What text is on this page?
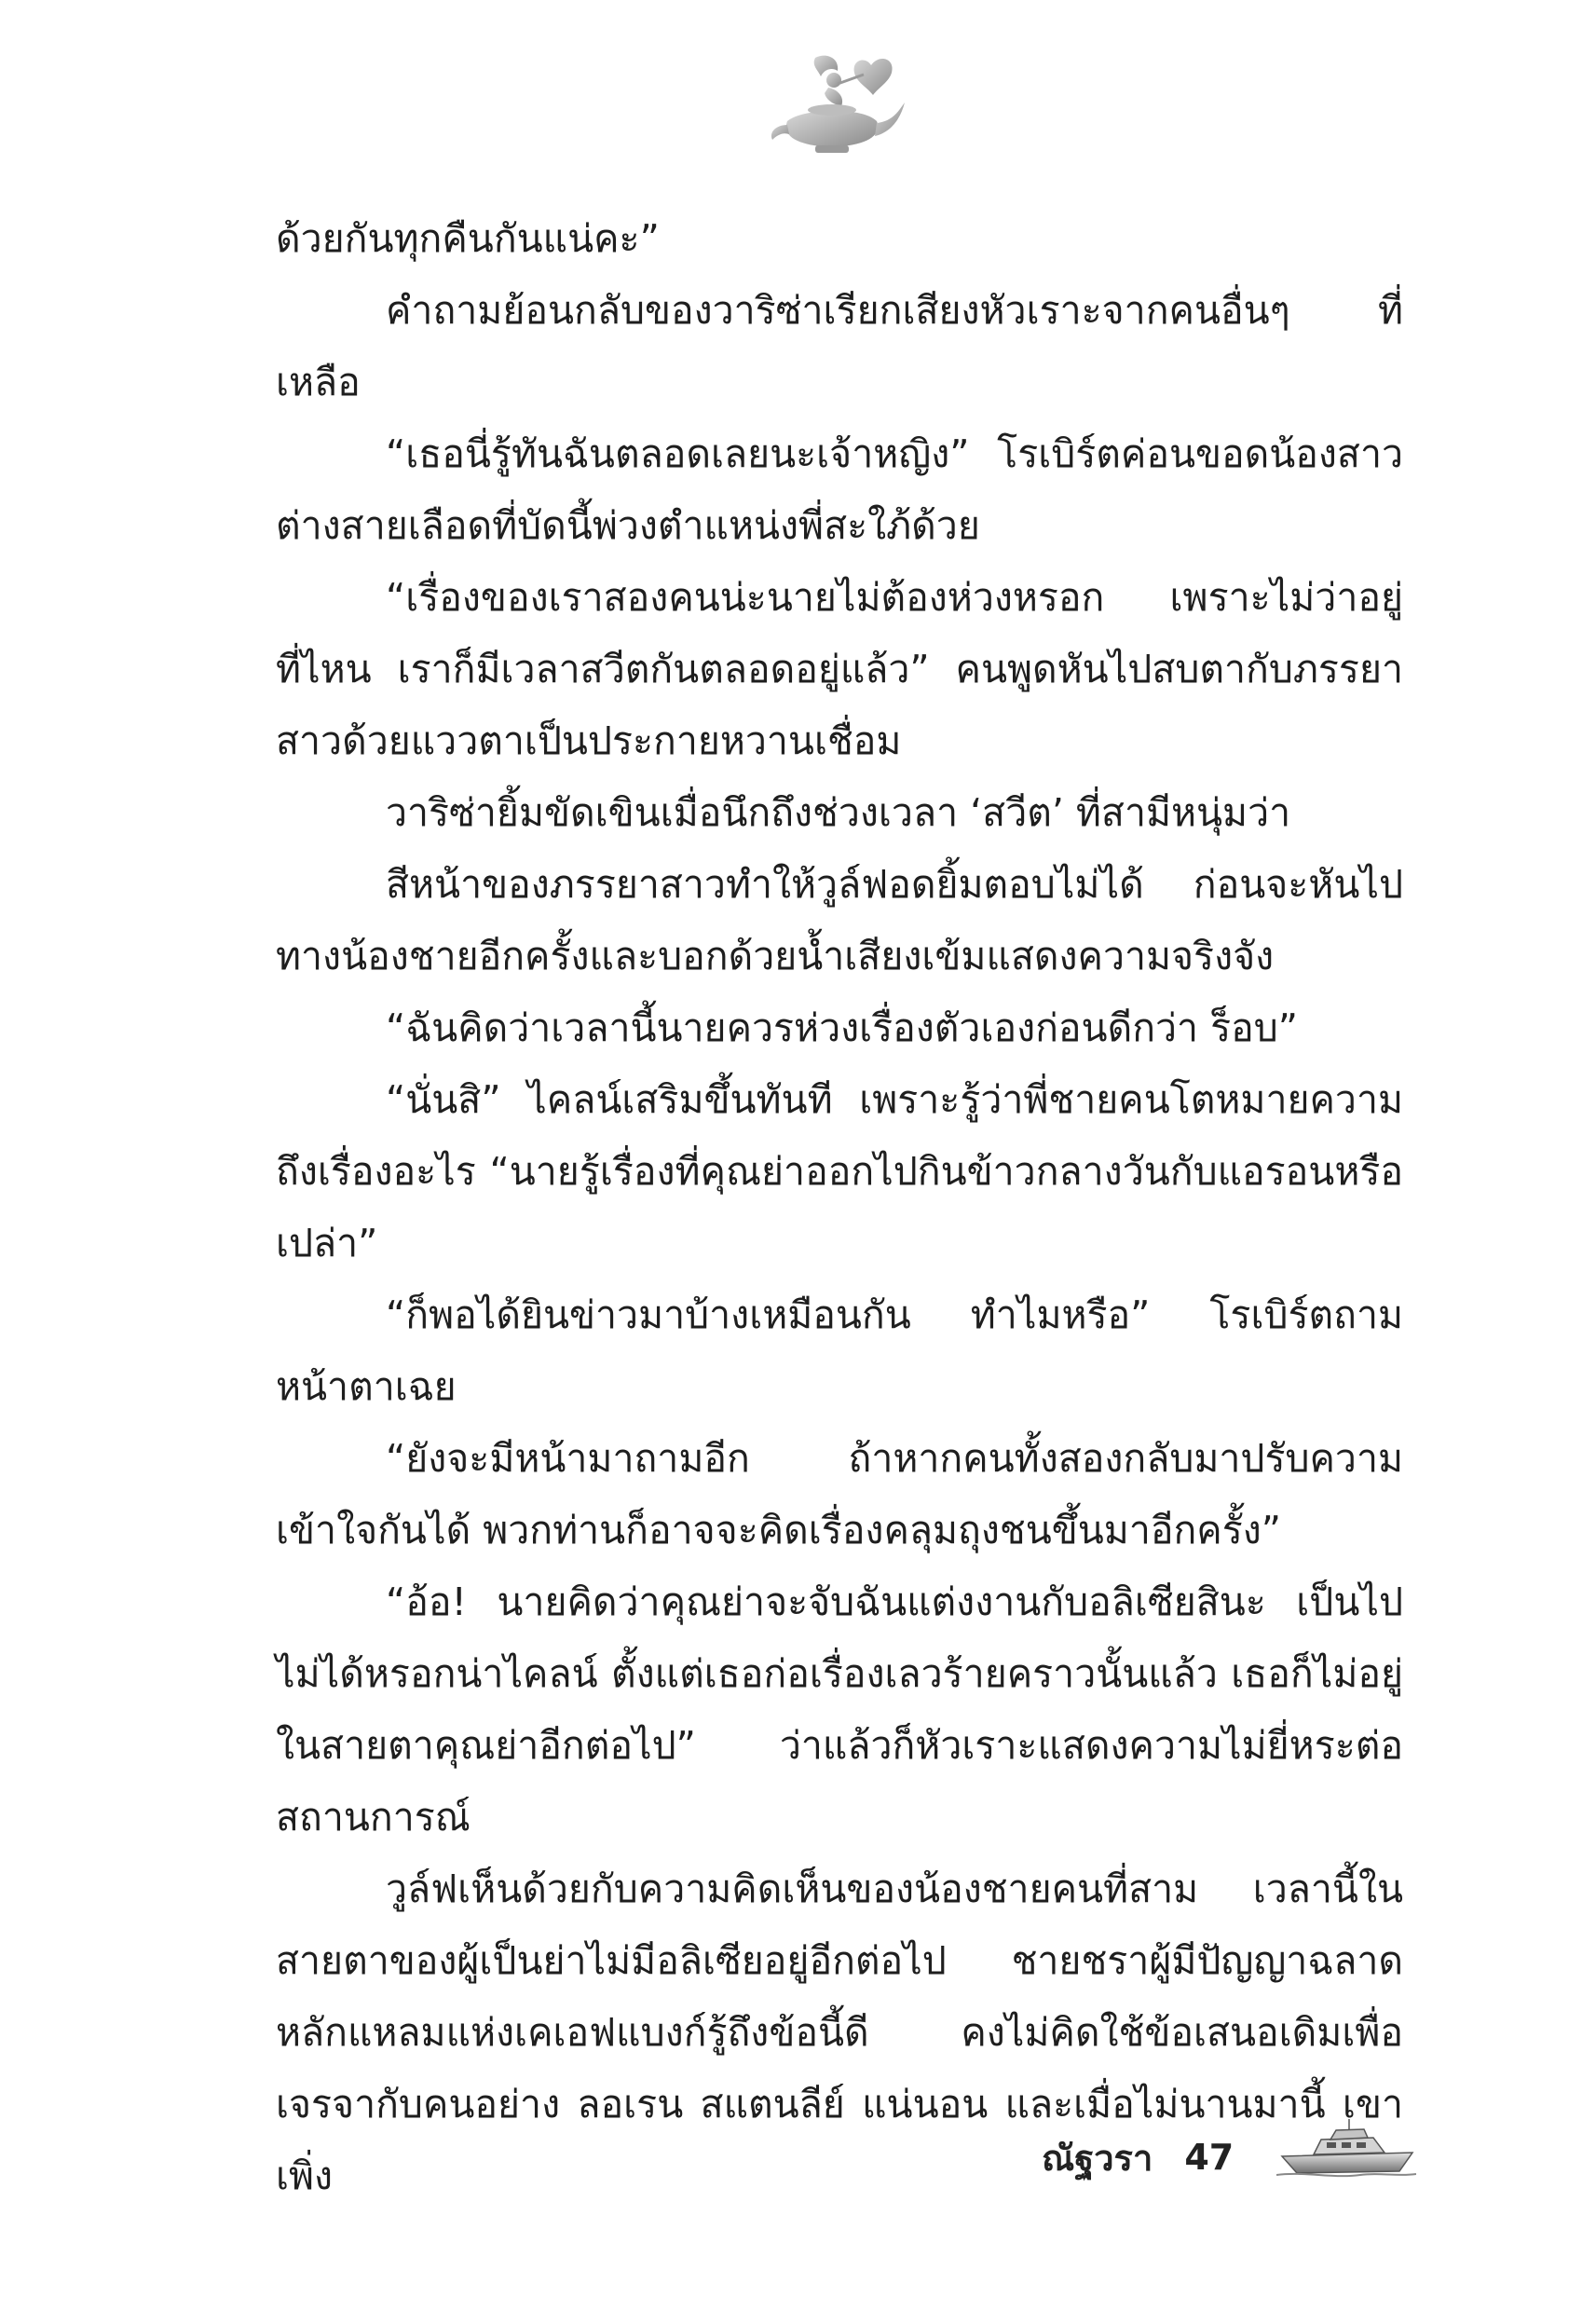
ด้วยกันทุกคืนกันแน่คะ”

คำถามย้อนกลับของวาริซ่าเรียกเสียงหัวเราะจากคนอื่นๆ ที่เหลือ

“เธอนี่รู้ทันฉันตลอดเลยนะเจ้าหญิง” โรเบิร์ตค่อนขอดน้องสาวต่างสายเลือดที่บัดนี้พ่วงตำแหน่งพี่สะใภ้ด้วย

“เรื่องของเราสองคนน่ะนายไม่ต้องห่วงหรอก เพราะไม่ว่าอยู่ที่ไหน เราก็มีเวลาสวีตกันตลอดอยู่แล้ว” คนพูดหันไปสบตากับภรรยาสาวด้วยแววตาเป็นประกายหวานเชื่อม

วาริซ่ายิ้มขัดเขินเมื่อนึกถึงช่วงเวลา ‘สวีต’ ที่สามีหนุ่มว่า

สีหน้าของภรรยาสาวทำให้วูล์ฟอดยิ้มตอบไม่ได้ ก่อนจะหันไปทางน้องชายอีกครั้งและบอกด้วยน้ำเสียงเข้มแสดงความจริงจัง

“ฉันคิดว่าเวลานี้นายควรห่วงเรื่องตัวเองก่อนดีกว่า ร็อบ”

“นั่นสิ” ไคลน์เสริมขึ้นทันที เพราะรู้ว่าพี่ชายคนโตหมายความถึงเรื่องอะไร “นายรู้เรื่องที่คุณย่าออกไปกินข้าวกลางวันกับแอรอนหรือเปล่า”

“ก็พอได้ยินข่าวมาบ้างเหมือนกัน ทำไมหรือ” โรเบิร์ตถามหน้าตาเฉย

“ยังจะมีหน้ามาถามอีก ถ้าหากคนทั้งสองกลับมาปรับความเข้าใจกันได้ พวกท่านก็อาจจะคิดเรื่องคลุมถุงชนขึ้นมาอีกครั้ง”

“อ้อ! นายคิดว่าคุณย่าจะจับฉันแต่งงานกับอลิเซียสินะ เป็นไปไม่ได้หรอกน่าไคลน์ ตั้งแต่เธอก่อเรื่องเลวร้ายคราวนั้นแล้ว เธอก็ไม่อยู่ในสายตาคุณย่าอีกต่อไป” ว่าแล้วก็หัวเราะแสดงความไม่ยี่หระต่อสถานการณ์

วูล์ฟเห็นด้วยกับความคิดเห็นของน้องชายคนที่สาม เวลานี้ในสายตาของผู้เป็นย่าไม่มีอลิเซียอยู่อีกต่อไป ชายชราผู้มีปัญญาฉลาดหลักแหลมแห่งเคเอฟแบงก์รู้ถึงข้อนี้ดี คงไม่คิดใช้ข้อเสนอเดิมเพื่อเจรจากับคนอย่าง ลอเรน สแตนลีย์ แน่นอน และเมื่อไม่นานมานี้ เขาเพิ่ง	ณัฐวรา 47
